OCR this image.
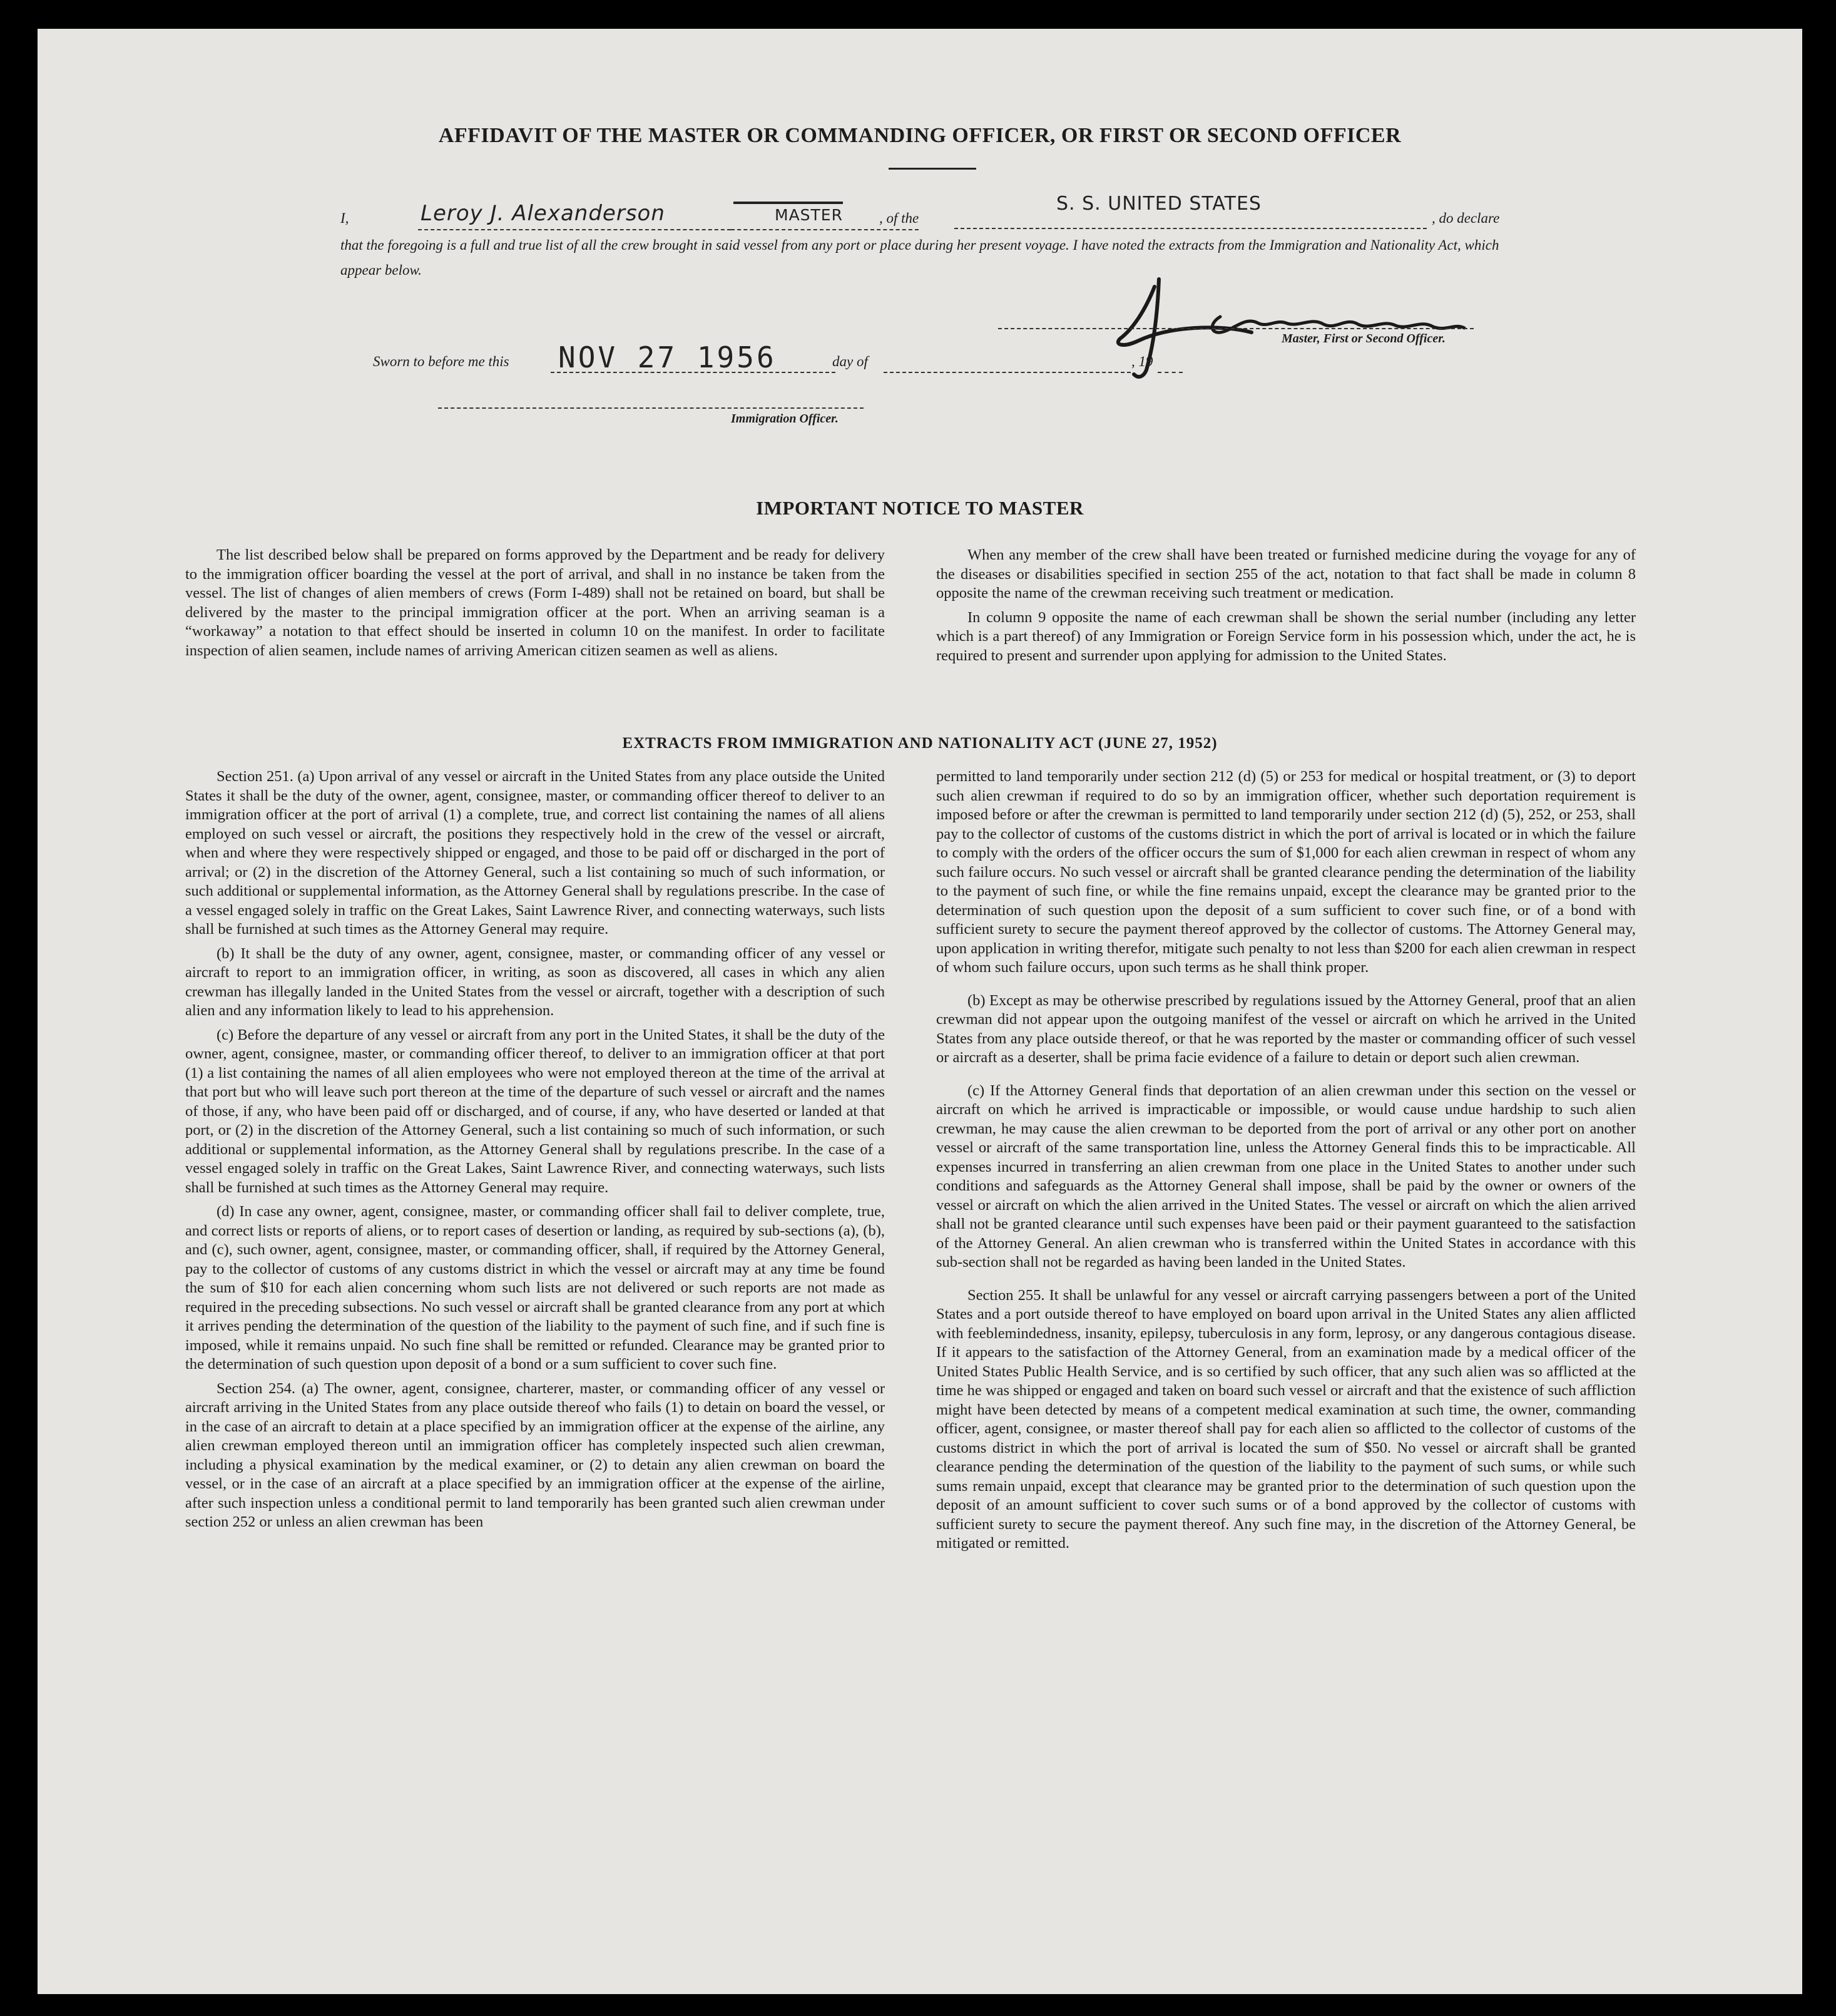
AFFIDAVIT OF THE MASTER OR COMMANDING OFFICER, OR FIRST OR SECOND OFFICER
I,	Leroy J. Alexanderson	MASTER	, of the
S. S. UNITED STATES
, do declare
that the foregoing is a full and true list of all the crew brought in said vessel from any port or place during her present voyage. I have noted the extracts from the Immigration and Nationality Act, which appear below.
Master, First or Second Officer.
Sworn to before me this NOV 27 1956	day of	, 19
Immigration Officer.
IMPORTANT NOTICE TO MASTER

The list described below shall be prepared on forms approved by the Department and be ready for delivery to the immigration officer boarding the vessel at the port of arrival, and shall in no instance be taken from the vessel. The list of changes of alien members of crews (Form I-489) shall not be retained on board, but shall be delivered by the master to the principal immigration officer at the port. When an arriving seaman is a “workaway” a notation to that effect should be inserted in column 10 on the manifest. In order to facilitate inspection of alien seamen, include names of arriving American citizen seamen as well as aliens.

When any member of the crew shall have been treated or furnished medicine during the voyage for any of the diseases or disabilities specified in section 255 of the act, notation to that fact shall be made in column 8 opposite the name of the crewman receiving such treatment or medication.

In column 9 opposite the name of each crewman shall be shown the serial number (including any letter which is a part thereof) of any Immigration or Foreign Service form in his possession which, under the act, he is required to present and surrender upon applying for admission to the United States.

EXTRACTS FROM IMMIGRATION AND NATIONALITY ACT (JUNE 27, 1952)

Section 251. (a) Upon arrival of any vessel or aircraft in the United States from any place outside the United States it shall be the duty of the owner, agent, consignee, master, or commanding officer thereof to deliver to an immigration officer at the port of arrival (1) a complete, true, and correct list containing the names of all aliens employed on such vessel or aircraft, the positions they respectively hold in the crew of the vessel or aircraft, when and where they were respectively shipped or engaged, and those to be paid off or discharged in the port of arrival; or (2) in the discretion of the Attorney General, such a list containing so much of such information, or such additional or supplemental information, as the Attorney General shall by regulations prescribe. In the case of a vessel engaged solely in traffic on the Great Lakes, Saint Lawrence River, and connecting waterways, such lists shall be furnished at such times as the Attorney General may require.

(b) It shall be the duty of any owner, agent, consignee, master, or commanding officer of any vessel or aircraft to report to an immigration officer, in writing, as soon as discovered, all cases in which any alien crewman has illegally landed in the United States from the vessel or aircraft, together with a description of such alien and any information likely to lead to his apprehension.

(c) Before the departure of any vessel or aircraft from any port in the United States, it shall be the duty of the owner, agent, consignee, master, or commanding officer thereof, to deliver to an immigration officer at that port (1) a list containing the names of all alien employees who were not employed thereon at the time of the arrival at that port but who will leave such port thereon at the time of the departure of such vessel or aircraft and the names of those, if any, who have been paid off or discharged, and of course, if any, who have deserted or landed at that port, or (2) in the discretion of the Attorney General, such a list containing so much of such information, or such additional or supplemental information, as the Attorney General shall by regulations prescribe. In the case of a vessel engaged solely in traffic on the Great Lakes, Saint Lawrence River, and connecting waterways, such lists shall be furnished at such times as the Attorney General may require.

(d) In case any owner, agent, consignee, master, or commanding officer shall fail to deliver complete, true, and correct lists or reports of aliens, or to report cases of desertion or landing, as required by sub-sections (a), (b), and (c), such owner, agent, consignee, master, or commanding officer, shall, if required by the Attorney General, pay to the collector of customs of any customs district in which the vessel or aircraft may at any time be found the sum of $10 for each alien concerning whom such lists are not delivered or such reports are not made as required in the preceding subsections. No such vessel or aircraft shall be granted clearance from any port at which it arrives pending the determination of the question of the liability to the payment of such fine, and if such fine is imposed, while it remains unpaid. No such fine shall be remitted or refunded. Clearance may be granted prior to the determination of such question upon deposit of a bond or a sum sufficient to cover such fine.

Section 254. (a) The owner, agent, consignee, charterer, master, or commanding officer of any vessel or aircraft arriving in the United States from any place outside thereof who fails (1) to detain on board the vessel, or in the case of an aircraft to detain at a place specified by an immigration officer at the expense of the airline, any alien crewman employed thereon until an immigration officer has completely inspected such alien crewman, including a physical examination by the medical examiner, or (2) to detain any alien crewman on board the vessel, or in the case of an aircraft at a place specified by an immigration officer at the expense of the airline, after such inspection unless a conditional permit to land temporarily has been granted such alien crewman under section 252 or unless an alien crewman has been

permitted to land temporarily under section 212 (d) (5) or 253 for medical or hospital treatment, or (3) to deport such alien crewman if required to do so by an immigration officer, whether such deportation requirement is imposed before or after the crewman is permitted to land temporarily under section 212 (d) (5), 252, or 253, shall pay to the collector of customs of the customs district in which the port of arrival is located or in which the failure to comply with the orders of the officer occurs the sum of $1,000 for each alien crewman in respect of whom any such failure occurs. No such vessel or aircraft shall be granted clearance pending the determination of the liability to the payment of such fine, or while the fine remains unpaid, except the clearance may be granted prior to the determination of such question upon the deposit of a sum sufficient to cover such fine, or of a bond with sufficient surety to secure the payment thereof approved by the collector of customs. The Attorney General may, upon application in writing therefor, mitigate such penalty to not less than $200 for each alien crewman in respect of whom such failure occurs, upon such terms as he shall think proper.

(b) Except as may be otherwise prescribed by regulations issued by the Attorney General, proof that an alien crewman did not appear upon the outgoing manifest of the vessel or aircraft on which he arrived in the United States from any place outside thereof, or that he was reported by the master or commanding officer of such vessel or aircraft as a deserter, shall be prima facie evidence of a failure to detain or deport such alien crewman.

(c) If the Attorney General finds that deportation of an alien crewman under this section on the vessel or aircraft on which he arrived is impracticable or impossible, or would cause undue hardship to such alien crewman, he may cause the alien crewman to be deported from the port of arrival or any other port on another vessel or aircraft of the same transportation line, unless the Attorney General finds this to be impracticable. All expenses incurred in transferring an alien crewman from one place in the United States to another under such conditions and safeguards as the Attorney General shall impose, shall be paid by the owner or owners of the vessel or aircraft on which the alien arrived in the United States. The vessel or aircraft on which the alien arrived shall not be granted clearance until such expenses have been paid or their payment guaranteed to the satisfaction of the Attorney General. An alien crewman who is transferred within the United States in accordance with this sub-section shall not be regarded as having been landed in the United States.

Section 255. It shall be unlawful for any vessel or aircraft carrying passengers between a port of the United States and a port outside thereof to have employed on board upon arrival in the United States any alien afflicted with feeblemindedness, insanity, epilepsy, tuberculosis in any form, leprosy, or any dangerous contagious disease. If it appears to the satisfaction of the Attorney General, from an examination made by a medical officer of the United States Public Health Service, and is so certified by such officer, that any such alien was so afflicted at the time he was shipped or engaged and taken on board such vessel or aircraft and that the existence of such affliction might have been detected by means of a competent medical examination at such time, the owner, commanding officer, agent, consignee, or master thereof shall pay for each alien so afflicted to the collector of customs of the customs district in which the port of arrival is located the sum of $50. No vessel or aircraft shall be granted clearance pending the determination of the question of the liability to the payment of such sums, or while such sums remain unpaid, except that clearance may be granted prior to the determination of such question upon the deposit of an amount sufficient to cover such sums or of a bond approved by the collector of customs with sufficient surety to secure the payment thereof. Any such fine may, in the discretion of the Attorney General, be mitigated or remitted.
